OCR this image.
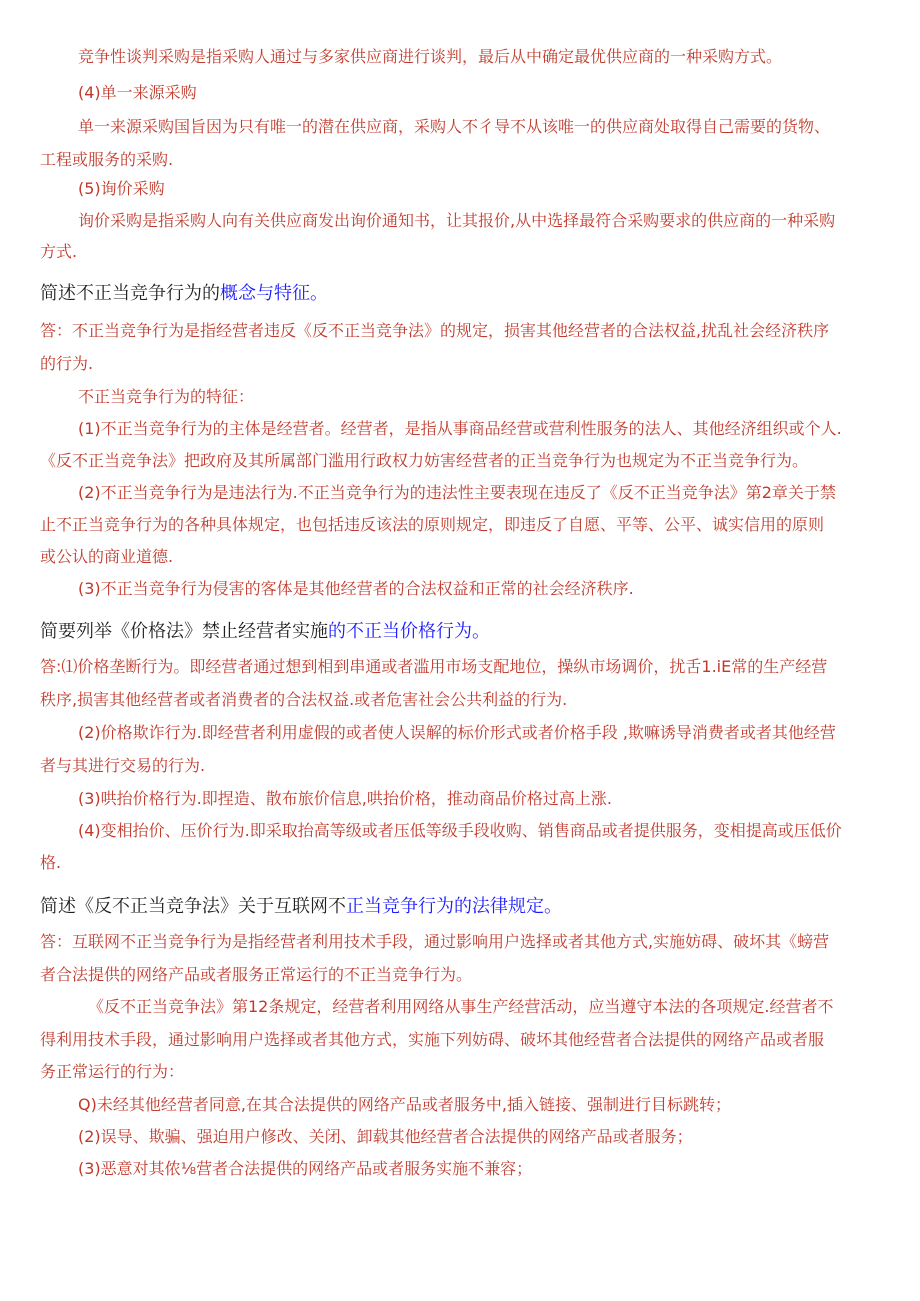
竞争性谈判采购是指采购人通过与多家供应商进行谈判，最后从中确定最优供应商的一种采购方式。

(4)单一来源采购

单一来源采购国旨因为只有唯一的潜在供应商，采购人不彳导不从该唯一的供应商处取得自己需要的货物、

工程或服务的采购.

(5)询价采购

询价采购是指采购人向有关供应商发出询价通知书，让其报价,从中选择最符合采购要求的供应商的一种采购

方式.

简述不正当竞争行为的概念与特征。

答：不正当竞争行为是指经营者违反《反不正当竞争法》的规定，损害其他经营者的合法权益,扰乱社会经济秩序

的行为.

不正当竞争行为的特征：

(1)不正当竞争行为的主体是经营者。经营者，是指从事商品经营或营利性服务的法人、其他经济组织或个人.

《反不正当竞争法》把政府及其所属部门滥用行政权力妨害经营者的正当竞争行为也规定为不正当竞争行为。

(2)不正当竞争行为是违法行为.不正当竞争行为的违法性主要表现在违反了《反不正当竞争法》第2章关于禁

止不正当竞争行为的各种具体规定，也包括违反该法的原则规定，即违反了自愿、平等、公平、诚实信用的原则

或公认的商业道德.

(3)不正当竞争行为侵害的客体是其他经营者的合法权益和正常的社会经济秩序.

简要列举《价格法》禁止经营者实施的不正当价格行为。

答:⑴价格垄断行为。即经营者通过想到相到串通或者滥用市场支配地位，操纵市场调价，扰舌1.iE常的生产经营

秩序,损害其他经营者或者消费者的合法权益.或者危害社会公共利益的行为.

(2)价格欺诈行为.即经营者利用虚假的或者使人误解的标价形式或者价格手段 ,欺嘛诱导消费者或者其他经营

者与其进行交易的行为.

(3)哄抬价格行为.即捏造、散布旅价信息,哄抬价格，推动商品价格过高上涨.

(4)变相抬价、压价行为.即采取抬高等级或者压低等级手段收购、销售商品或者提供服务，变相提高或压低价

格.

简述《反不正当竞争法》关于互联网不正当竞争行为的法律规定。

答：互联网不正当竞争行为是指经营者利用技术手段，通过影响用户选择或者其他方式,实施妨碍、破坏其《螃营

者合法提供的网络产品或者服务正常运行的不正当竞争行为。

《反不正当竞争法》第12条规定，经营者利用网络从事生产经营活动，应当遵守本法的各项规定.经营者不

得利用技术手段，通过影响用户选择或者其他方式，实施下列妨碍、破坏其他经营者合法提供的网络产品或者服

务正常运行的行为：

Q)未经其他经营者同意,在其合法提供的网络产品或者服务中,插入链接、强制进行目标跳转；

(2)误导、欺骗、强迫用户修改、关闭、卸载其他经营者合法提供的网络产品或者服务；

(3)恶意对其侬⅛营者合法提供的网络产品或者服务实施不兼容；
